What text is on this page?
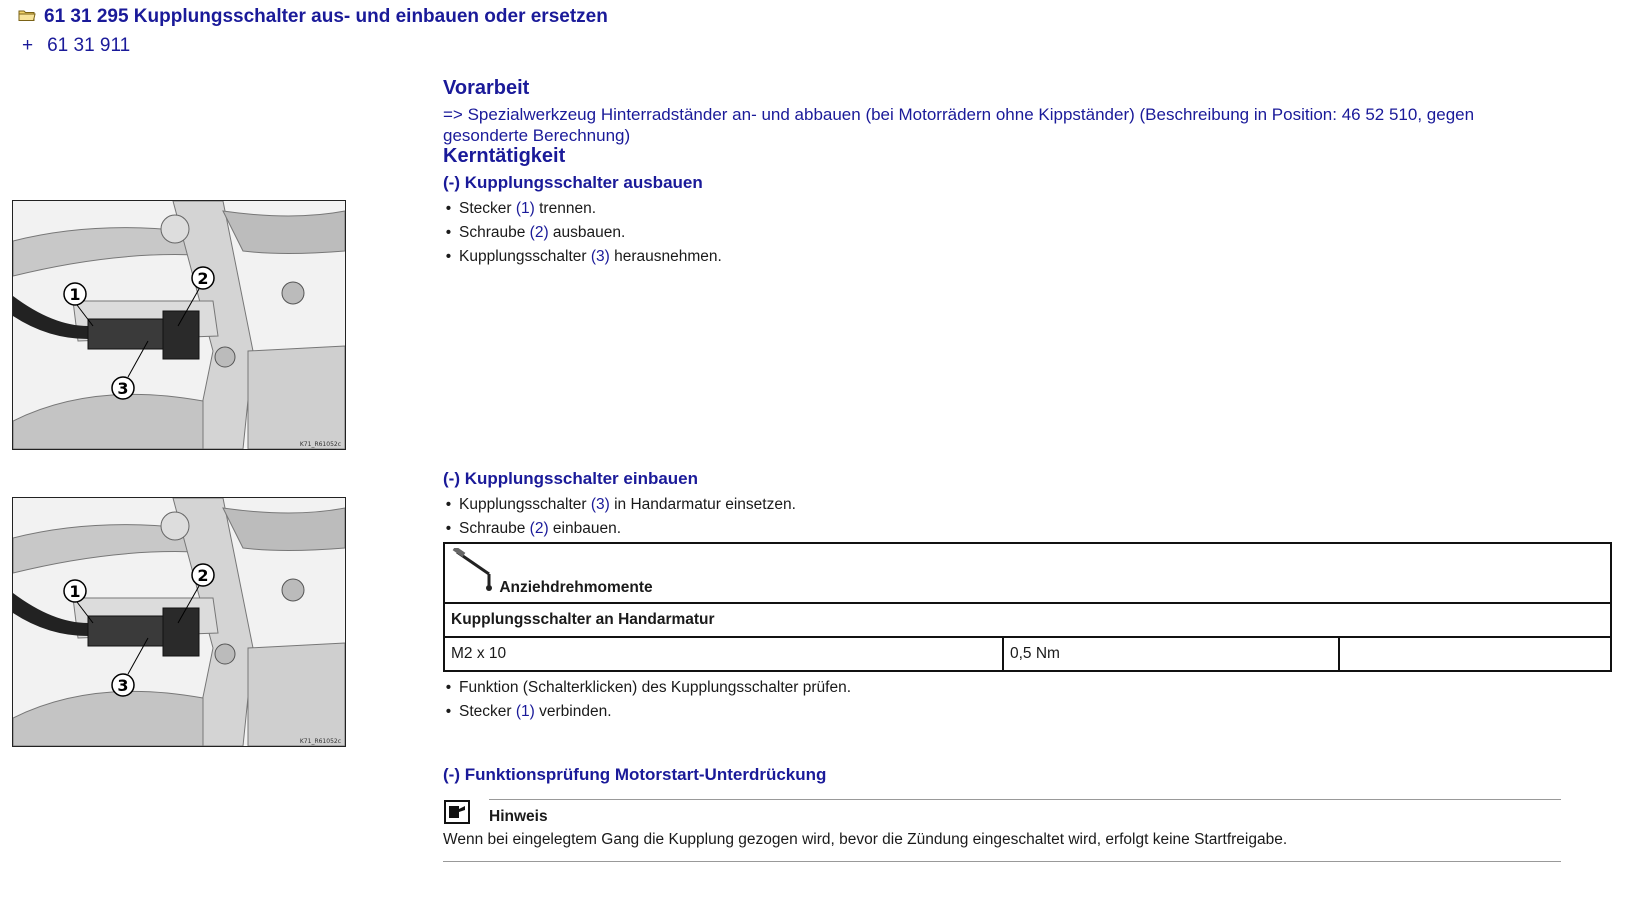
61 31 295 Kupplungsschalter aus- und einbauen oder ersetzen
+ 61 31 911
Vorarbeit
=> Spezialwerkzeug Hinterradständer an- und abbauen (bei Motorrädern ohne Kippständer) (Beschreibung in Position: 46 52 510, gegen gesonderte Berechnung)
Kerntätigkeit
(-) Kupplungsschalter ausbauen
• Stecker (1) trennen.
• Schraube (2) ausbauen.
• Kupplungsschalter (3) herausnehmen.
1
2
3
K71_R61052c
(-) Kupplungsschalter einbauen
• Kupplungsschalter (3) in Handarmatur einsetzen.
• Schraube (2) einbauen.
1
2
3
K71_R61052c
Anziehdrehmomente
Kupplungsschalter an Handarmatur
M2 x 10	0,5 Nm	
• Funktion (Schalterklicken) des Kupplungsschalter prüfen.
• Stecker (1) verbinden.
(-) Funktionsprüfung Motorstart-Unterdrückung
Hinweis
Wenn bei eingelegtem Gang die Kupplung gezogen wird, bevor die Zündung eingeschaltet wird, erfolgt keine Startfreigabe.
